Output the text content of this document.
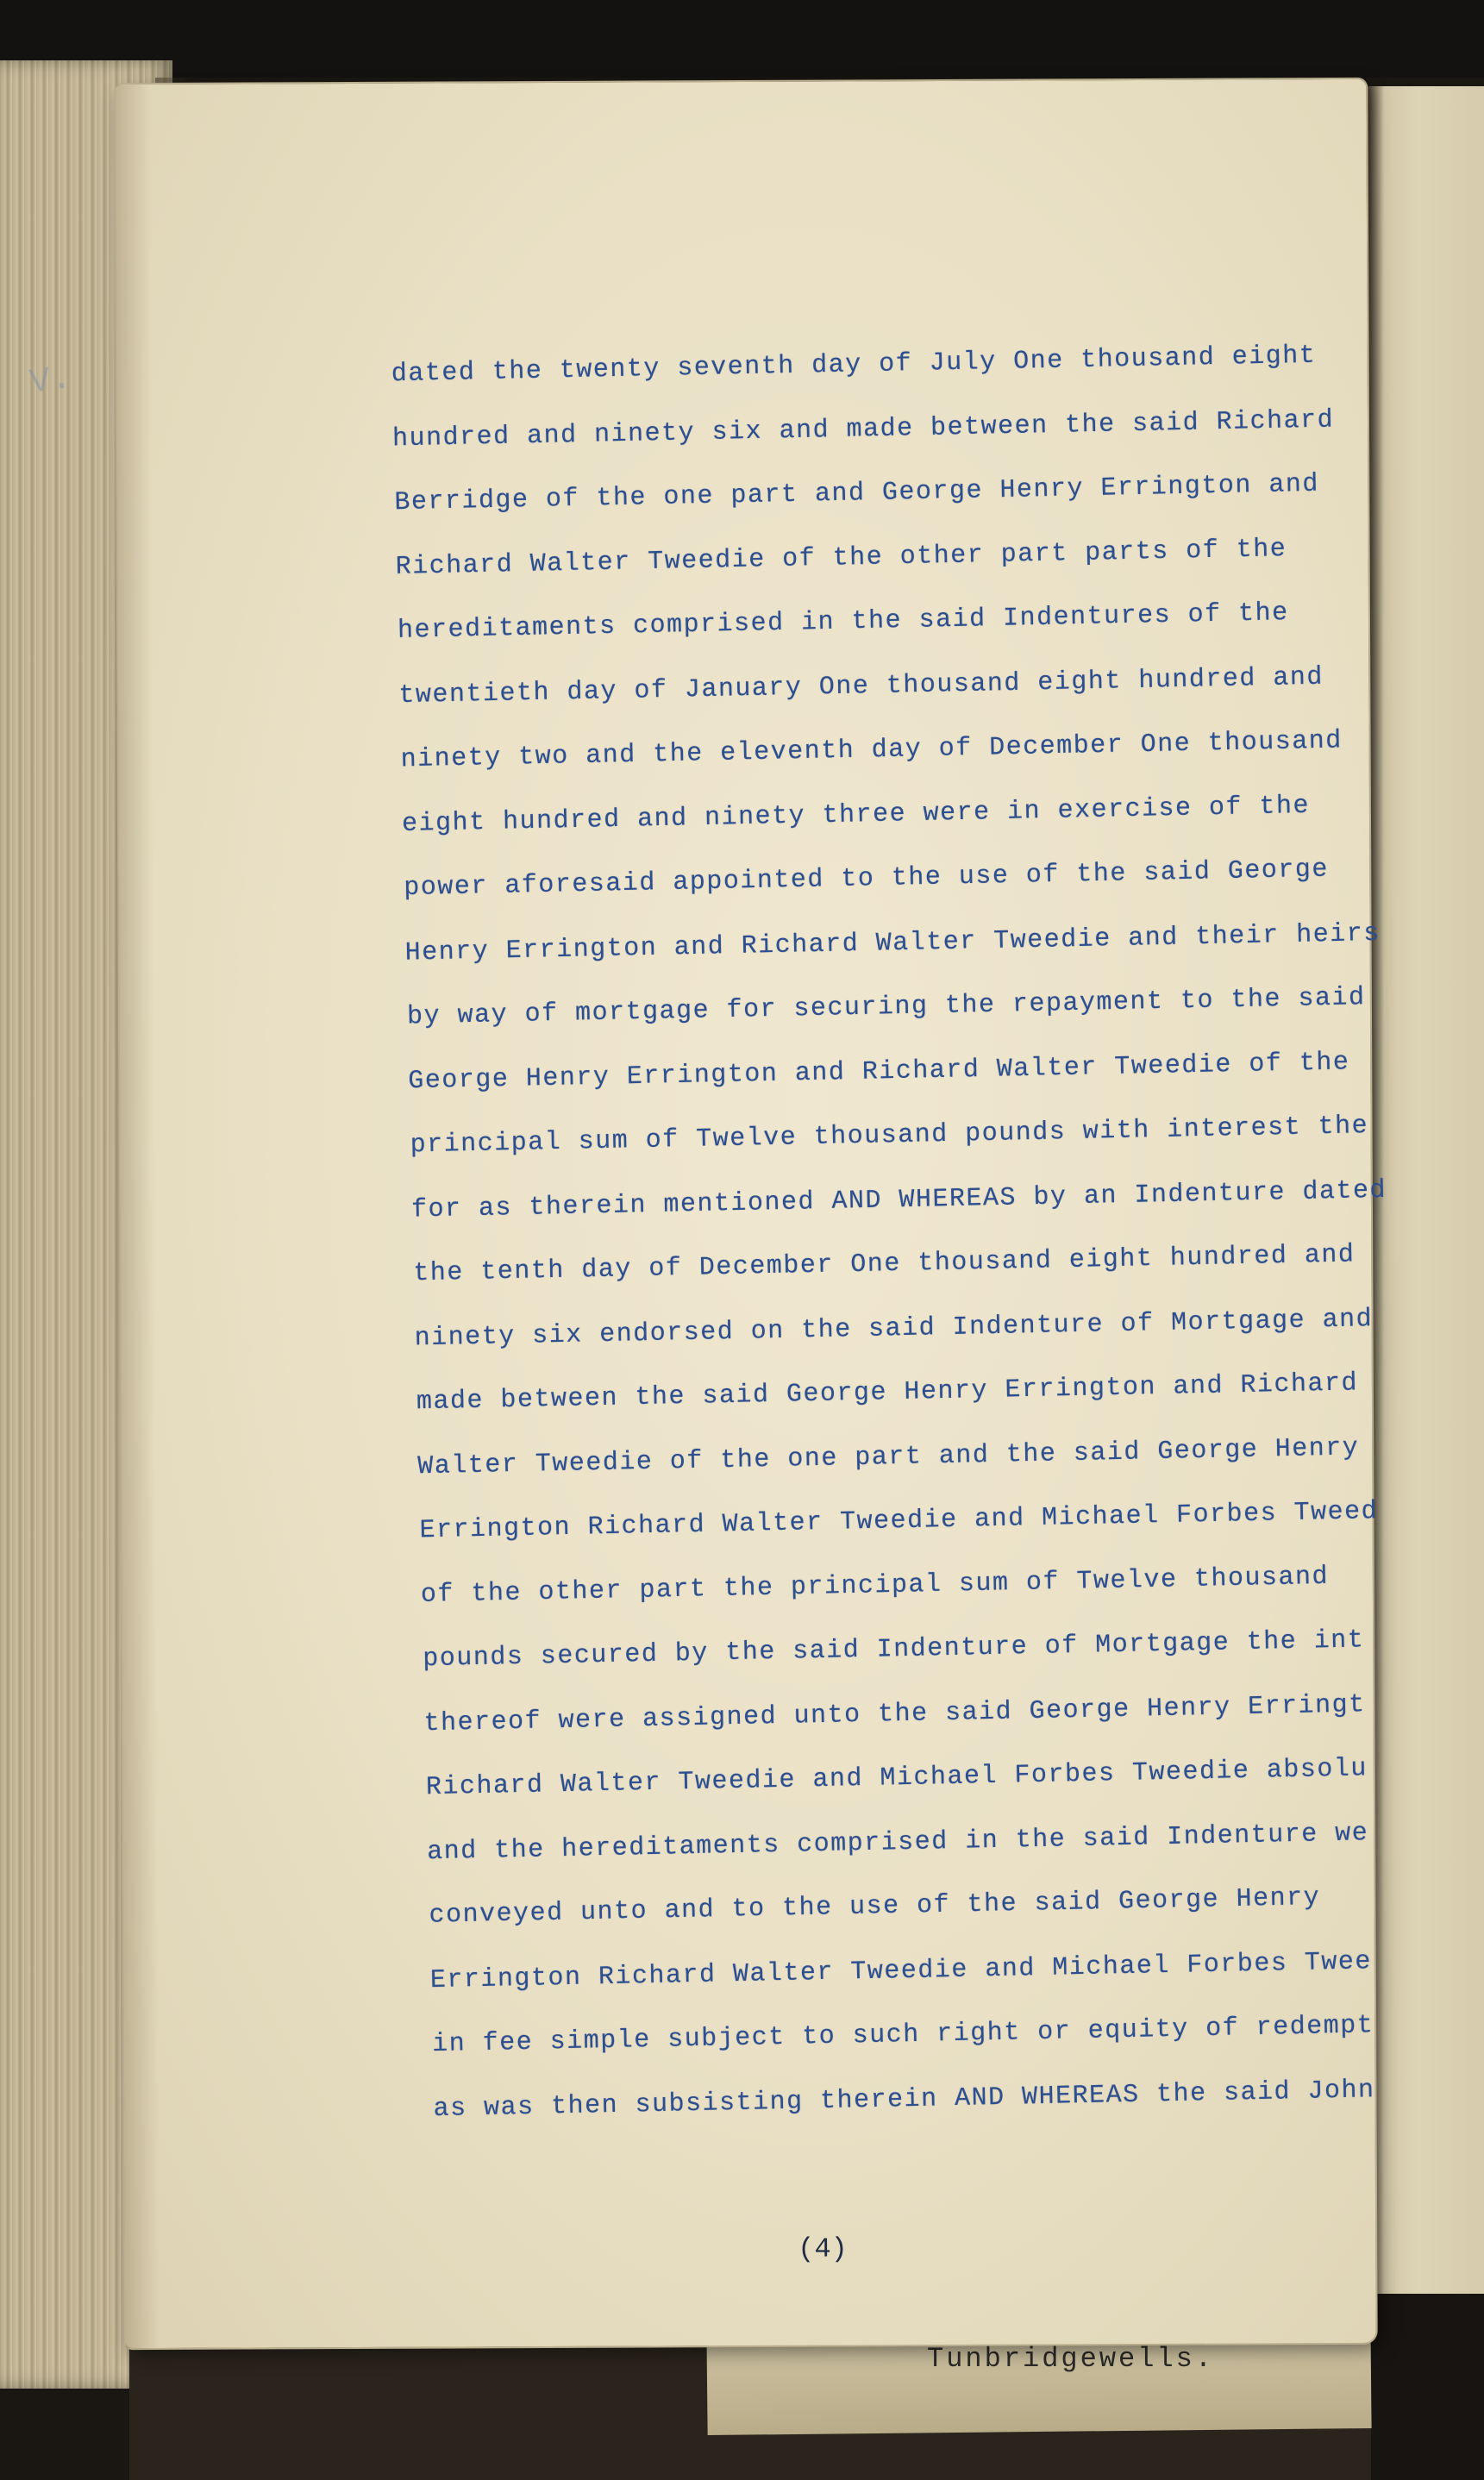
V.
Tunbridgewells.
dated the twenty seventh day of July One thousand eight
hundred and ninety six and made between the said Richard
Berridge of the one part and George Henry Errington and
Richard Walter Tweedie of the other part parts of the
hereditaments comprised in the said Indentures of the
twentieth day of January One thousand eight hundred and
ninety two and the eleventh day of December One thousand
eight hundred and ninety three were in exercise of the
power aforesaid appointed to the use of the said George
Henry Errington and Richard Walter Tweedie and their heirs
by way of mortgage for securing the repayment to the said
George Henry Errington and Richard Walter Tweedie of the
principal sum of Twelve thousand pounds with interest the
for as therein mentioned AND WHEREAS by an Indenture dated
the tenth day of December One thousand eight hundred and
ninety six endorsed on the said Indenture of Mortgage and
made between the said George Henry Errington and Richard
Walter Tweedie of the one part and the said George Henry
Errington Richard Walter Tweedie and Michael Forbes Tweed
of the other part the principal sum of Twelve thousand
pounds secured by the said Indenture of Mortgage the int
thereof were assigned unto the said George Henry Erringt
Richard Walter Tweedie and Michael Forbes Tweedie absolu
and the hereditaments comprised in the said Indenture we
conveyed unto and to the use of the said George Henry
Errington Richard Walter Tweedie and Michael Forbes Twee
in fee simple subject to such right or equity of redempt
as was then subsisting therein AND WHEREAS the said John
(4)
